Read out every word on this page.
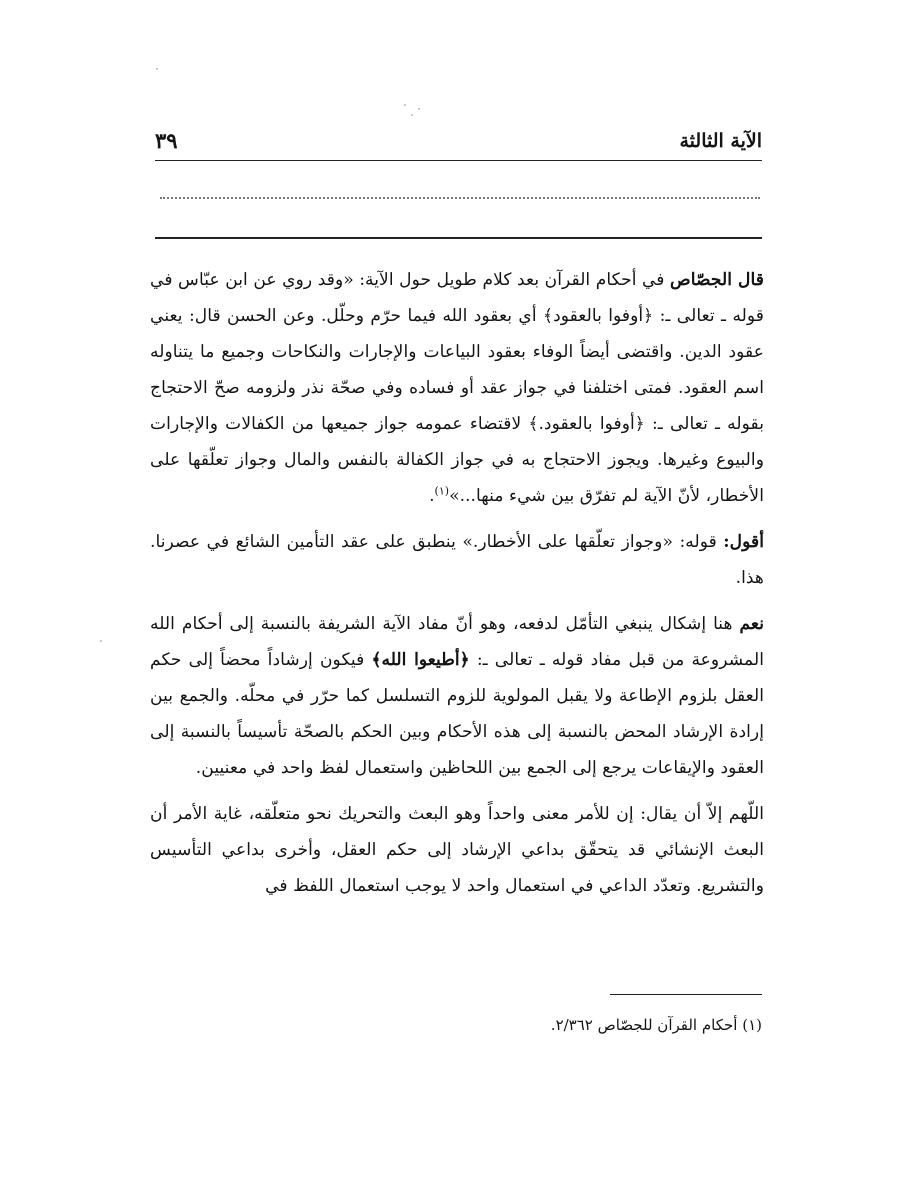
الآية الثالثة
٣٩

قال الجصّاص في أحكام القرآن بعد كلام طويل حول الآية: «وقد روي عن ابن عبّاس في قوله ـ تعالى ـ: ﴿أوفوا بالعقود﴾ أي بعقود الله فيما حرّم وحلّل. وعن الحسن قال: يعني عقود الدين. واقتضى أيضاً الوفاء بعقود البياعات والإجارات والنكاحات وجميع ما يتناوله اسم العقود. فمتى اختلفنا في جواز عقد أو فساده وفي صحّة نذر ولزومه صحّ الاحتجاج بقوله ـ تعالى ـ: ﴿أوفوا بالعقود.﴾ لاقتضاء عمومه جواز جميعها من الكفالات والإجارات والبيوع وغيرها. ويجوز الاحتجاج به في جواز الكفالة بالنفس والمال وجواز تعلّقها على الأخطار، لأنّ الآية لم تفرّق بين شيء منها...»$^{(١)}$.

أقول: قوله: «وجواز تعلّقها على الأخطار.» ينطبق على عقد التأمين الشائع في عصرنا. هذا.

نعم هنا إشكال ينبغي التأمّل لدفعه، وهو أنّ مفاد الآية الشريفة بالنسبة إلى أحكام الله المشروعة من قبل مفاد قوله ـ تعالى ـ: ﴿أطيعوا الله﴾ فيكون إرشاداً محضاً إلى حكم العقل بلزوم الإطاعة ولا يقبل المولوية للزوم التسلسل كما حرّر في محلّه. والجمع بين إرادة الإرشاد المحض بالنسبة إلى هذه الأحكام وبين الحكم بالصحّة تأسيساً بالنسبة إلى العقود والإيقاعات يرجع إلى الجمع بين اللحاظين واستعمال لفظ واحد في معنيين.

اللّهم إلاّ أن يقال: إن للأمر معنى واحداً وهو البعث والتحريك نحو متعلّقه، غاية الأمر أن البعث الإنشائي قد يتحقّق بداعي الإرشاد إلى حكم العقل، وأخرى بداعي التأسيس والتشريع. وتعدّد الداعي في استعمال واحد لا يوجب استعمال اللفظ في

(١) أحكام القرآن للجصّاص ٢/٣٦٢.
